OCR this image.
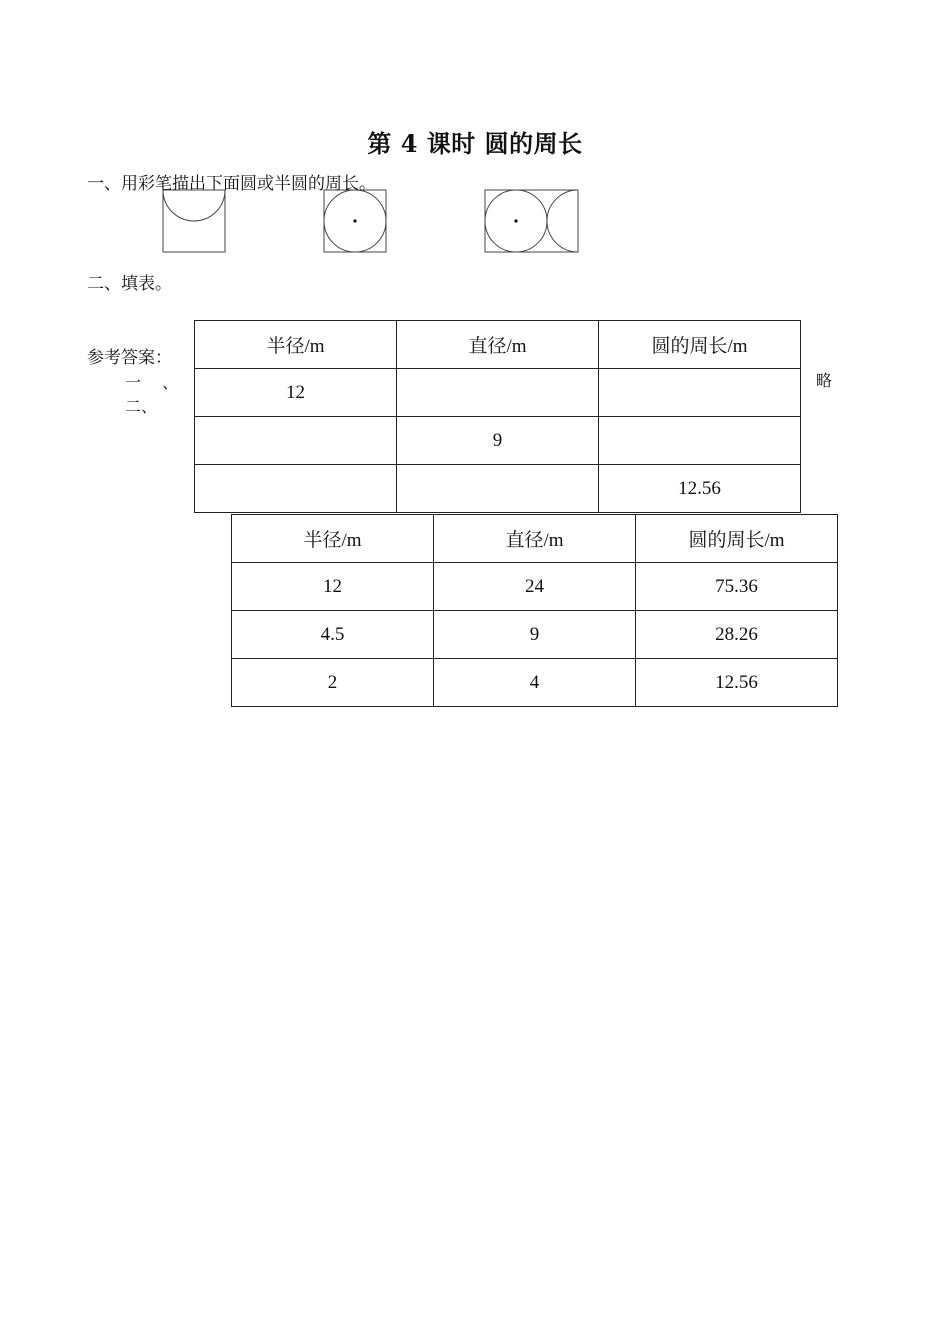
第 4 课时 圆的周长
一、用彩笔描出下面圆或半圆的周长。
二、填表。
参考答案：
一 、
二、
略
半径/m	直径/m	圆的周长/m
12		
	9	
		12.56
半径/m	直径/m	圆的周长/m
12	24	75.36
4.5	9	28.26
2	4	12.56
